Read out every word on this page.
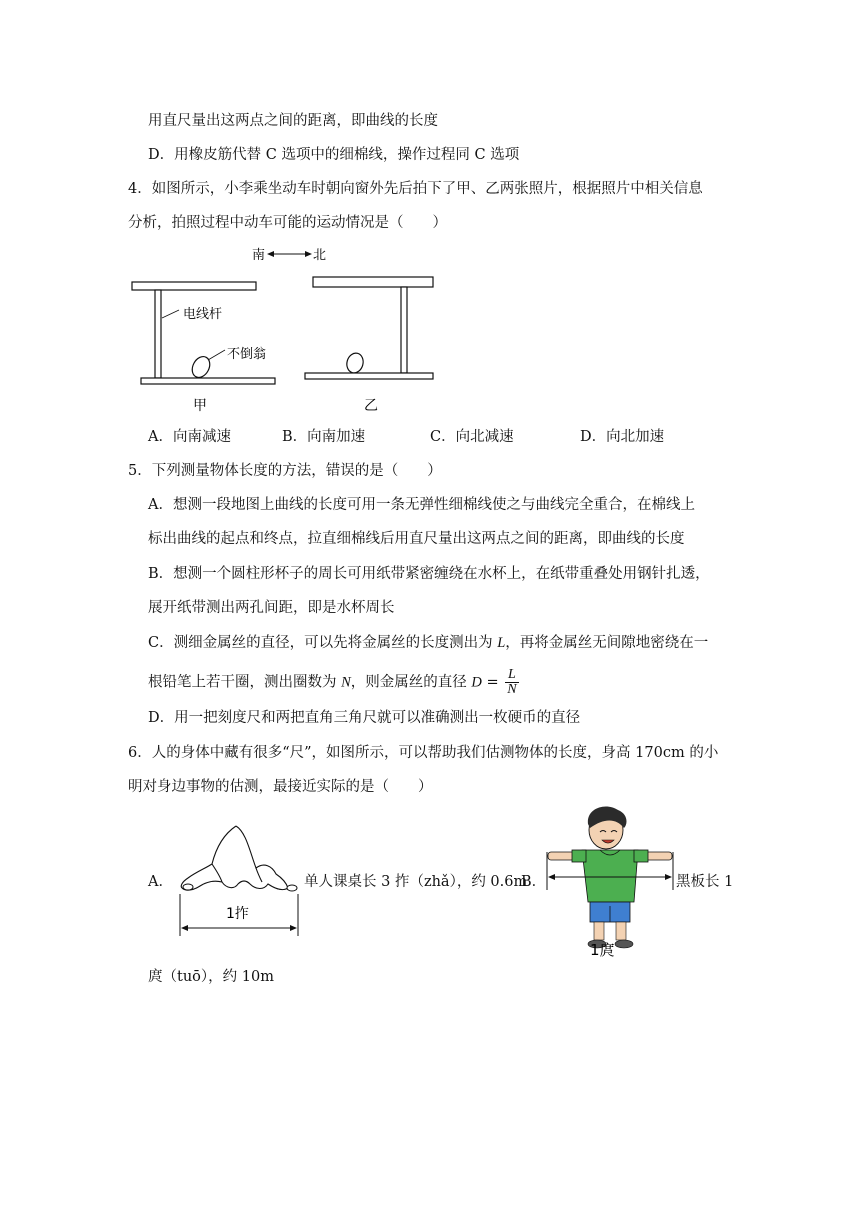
用直尺量出这两点之间的距离，即曲线的长度
D．用橡皮筋代替 C 选项中的细棉线，操作过程同 C 选项
4．如图所示，小李乘坐动车时朝向窗外先后拍下了甲、乙两张照片，根据照片中相关信息
分析，拍照过程中动车可能的运动情况是（　　）
南	北
电线杆
不倒翁
甲	乙
A．向南减速	B．向南加速	C．向北减速	D．向北加速
5．下列测量物体长度的方法，错误的是（　　）
A．想测一段地图上曲线的长度可用一条无弹性细棉线使之与曲线完全重合，在棉线上
标出曲线的起点和终点，拉直细棉线后用直尺量出这两点之间的距离，即曲线的长度
B．想测一个圆柱形杯子的周长可用纸带紧密缠绕在水杯上，在纸带重叠处用钢针扎透，
展开纸带测出两孔间距，即是水杯周长
C．测细金属丝的直径，可以先将金属丝的长度测出为 L，再将金属丝无间隙地密绕在一
根铅笔上若干圈，测出圈数为 N，则金属丝的直径 $D = \frac{L}{N}$
D．用一把刻度尺和两把直角三角尺就可以准确测出一枚硬币的直径
6．人的身体中藏有很多“尺”，如图所示，可以帮助我们估测物体的长度，身高 170cm 的小
明对身边事物的估测，最接近实际的是（　　）
A．
1拃
单人课桌长 3 拃（zhǎ），约 0.6m
B．
1庹
黑板长 1
庹（tuō），约 10m
